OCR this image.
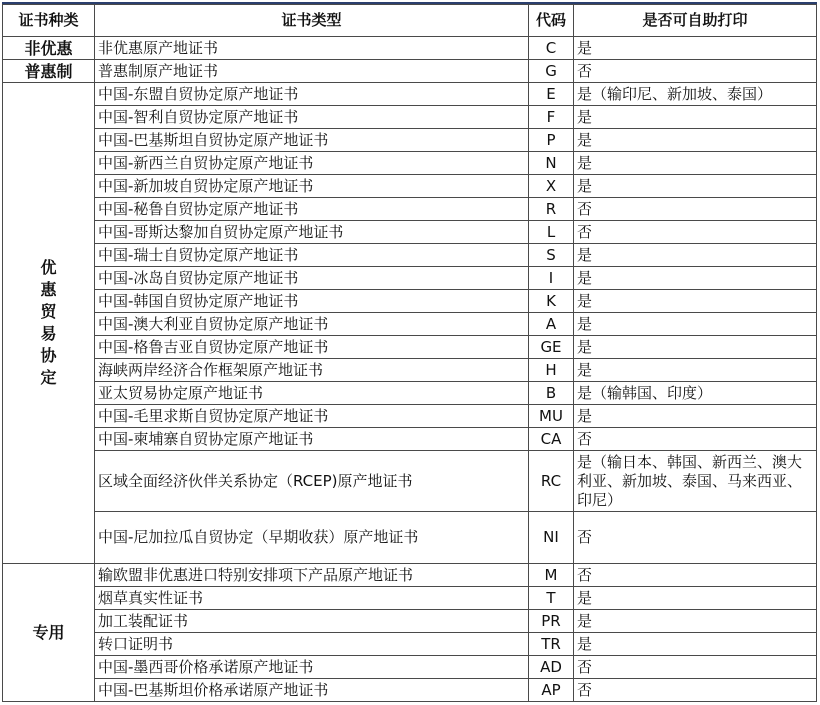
证书种类	证书类型	代码	是否可自助打印
非优惠	非优惠原产地证书	C	是
普惠制	普惠制原产地证书	G	否
优惠贸易协定	中国-东盟自贸协定原产地证书	E	是（输印尼、新加坡、泰国）
	中国-智利自贸协定原产地证书	F	是
	中国-巴基斯坦自贸协定原产地证书	P	是
	中国-新西兰自贸协定原产地证书	N	是
	中国-新加坡自贸协定原产地证书	X	是
	中国-秘鲁自贸协定原产地证书	R	否
	中国-哥斯达黎加自贸协定原产地证书	L	否
	中国-瑞士自贸协定原产地证书	S	是
	中国-冰岛自贸协定原产地证书	I	是
	中国-韩国自贸协定原产地证书	K	是
	中国-澳大利亚自贸协定原产地证书	A	是
	中国-格鲁吉亚自贸协定原产地证书	GE	是
	海峡两岸经济合作框架原产地证书	H	是
	亚太贸易协定原产地证书	B	是（输韩国、印度）
	中国-毛里求斯自贸协定原产地证书	MU	是
	中国-柬埔寨自贸协定原产地证书	CA	否
	区域全面经济伙伴关系协定（RCEP)原产地证书	RC	是（输日本、韩国、新西兰、澳大利亚、新加坡、泰国、马来西亚、印尼）
	中国-尼加拉瓜自贸协定（早期收获）原产地证书	NI	否
专用	输欧盟非优惠进口特别安排项下产品原产地证书	M	否
	烟草真实性证书	T	是
	加工装配证书	PR	是
	转口证明书	TR	是
	中国-墨西哥价格承诺原产地证书	AD	否
	中国-巴基斯坦价格承诺原产地证书	AP	否
